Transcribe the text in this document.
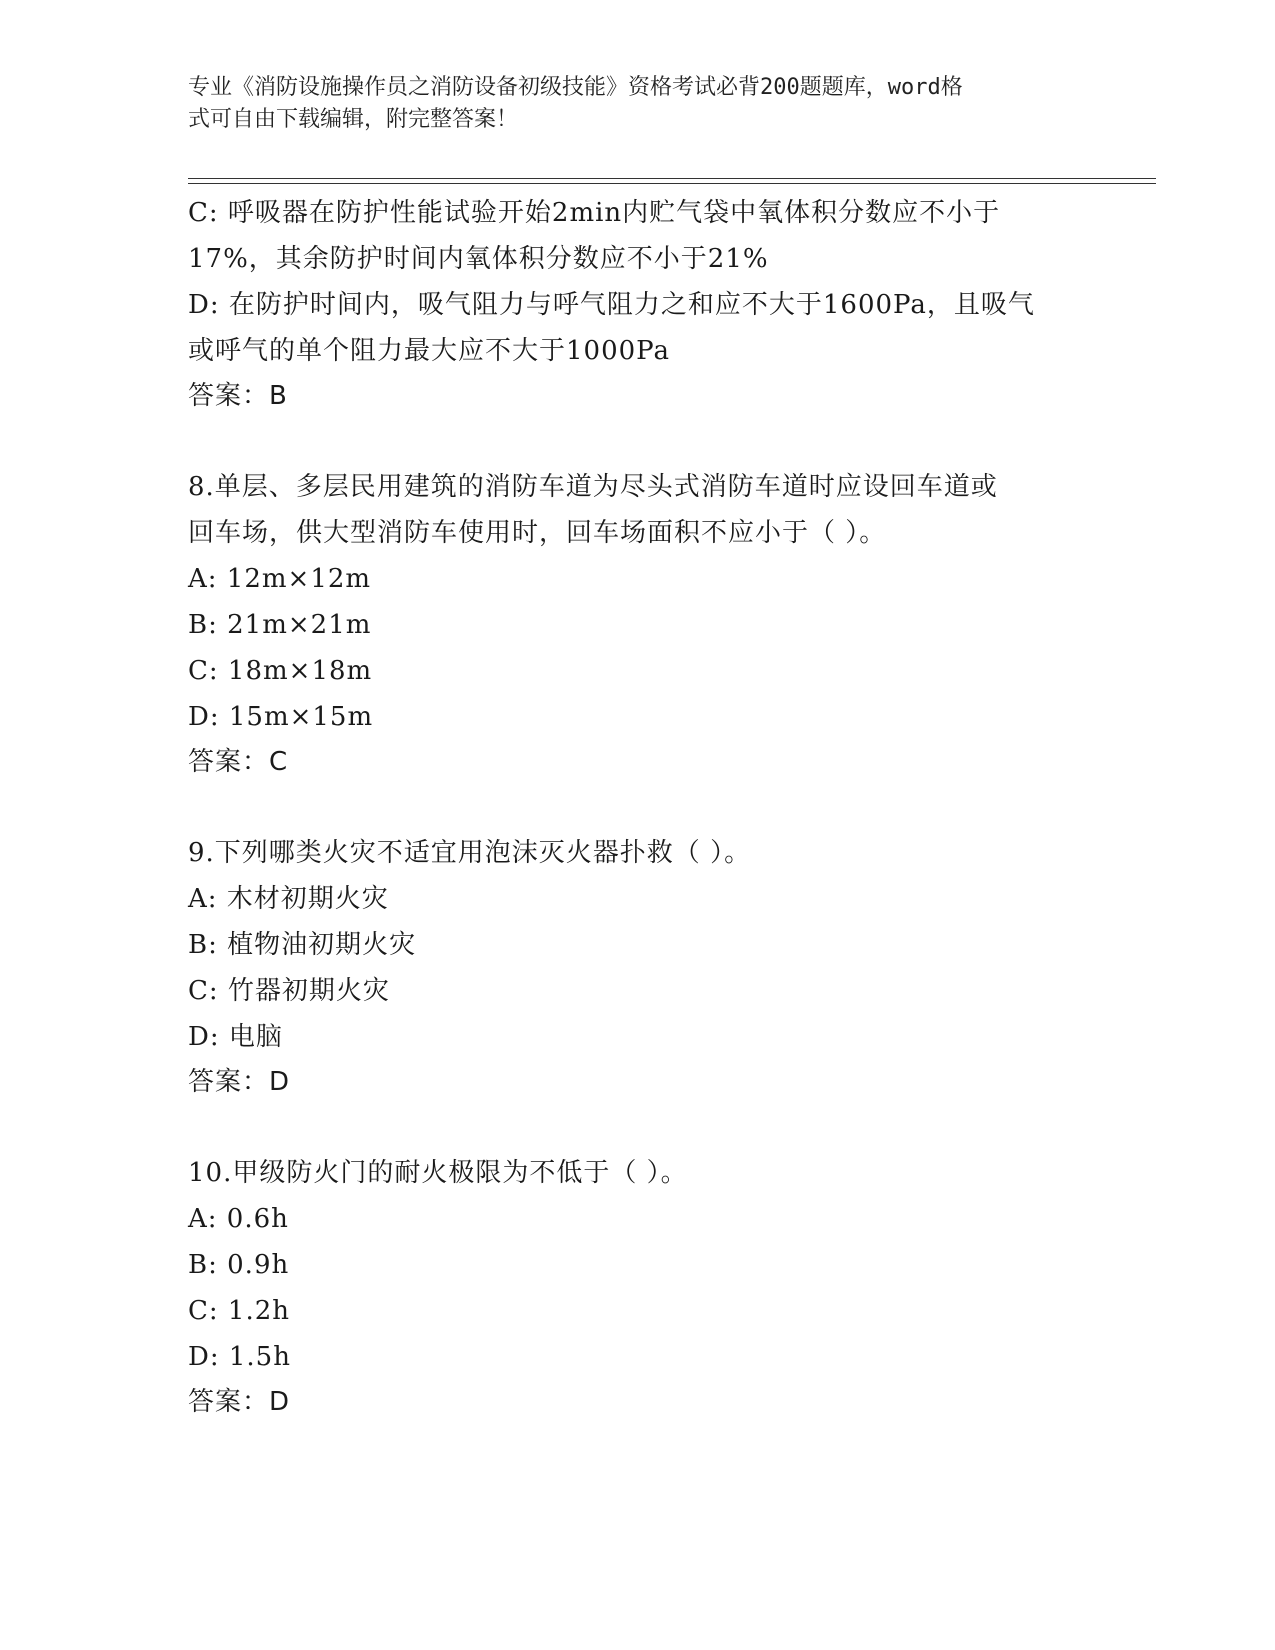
专业《消防设施操作员之消防设备初级技能》资格考试必背200题题库，word格
式可自由下载编辑，附完整答案！
C: 呼吸器在防护性能试验开始2min内贮气袋中氧体积分数应不小于
17%，其余防护时间内氧体积分数应不小于21%
D: 在防护时间内，吸气阻力与呼气阻力之和应不大于1600Pa，且吸气
或呼气的单个阻力最大应不大于1000Pa
答案：B
8.单层、多层民用建筑的消防车道为尽头式消防车道时应设回车道或
回车场，供大型消防车使用时，回车场面积不应小于（ ）。
A: 12m×12m
B: 21m×21m
C: 18m×18m
D: 15m×15m
答案：C
9.下列哪类火灾不适宜用泡沫灭火器扑救（ ）。
A: 木材初期火灾
B: 植物油初期火灾
C: 竹器初期火灾
D: 电脑
答案：D
10.甲级防火门的耐火极限为不低于（ ）。
A: 0.6h
B: 0.9h
C: 1.2h
D: 1.5h
答案：D
